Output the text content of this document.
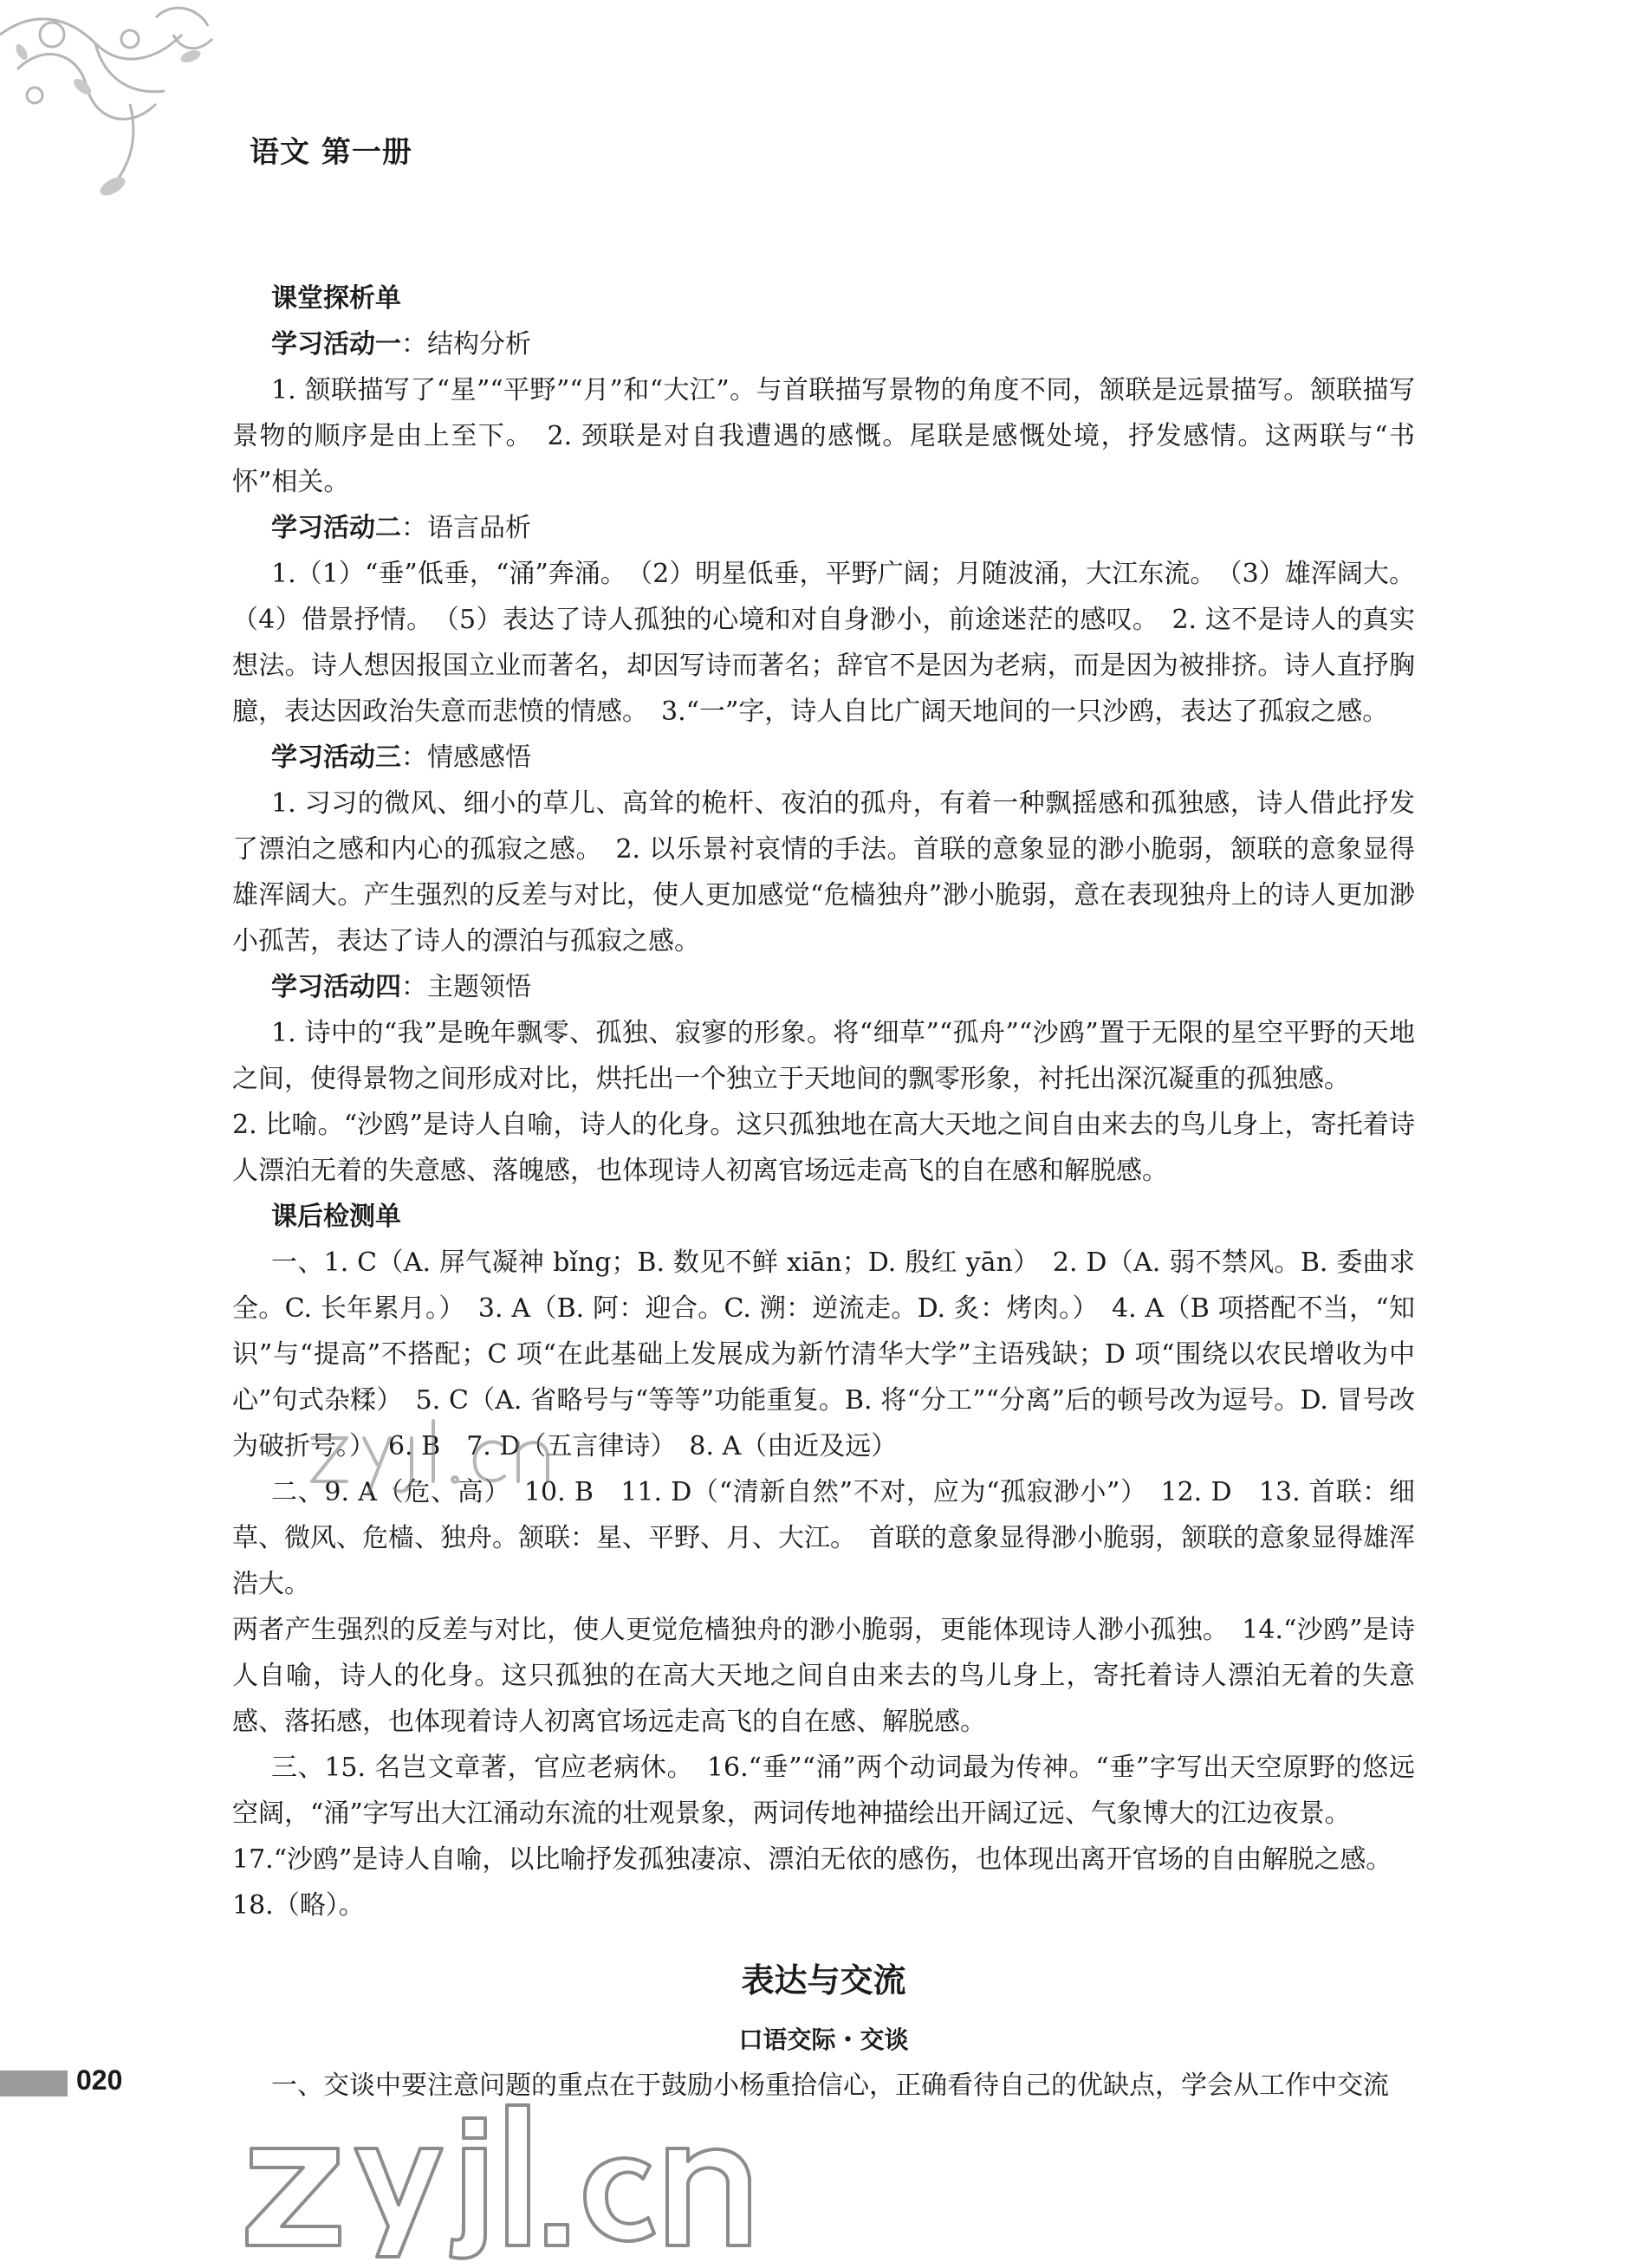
语文 第一册

课堂探析单

学习活动一：结构分析

1. 颔联描写了“星”“平野”“月”和“大江”。与首联描写景物的角度不同，颔联是远景描写。颔联描写景物的顺序是由上至下。　2. 颈联是对自我遭遇的感慨。尾联是感慨处境，抒发感情。这两联与“书怀”相关。

学习活动二：语言品析

1.（1）“垂”低垂，“涌”奔涌。　（2）明星低垂，平野广阔；月随波涌，大江东流。　（3）雄浑阔大。（4）借景抒情。　（5）表达了诗人孤独的心境和对自身渺小，前途迷茫的感叹。　2. 这不是诗人的真实想法。诗人想因报国立业而著名，却因写诗而著名；辞官不是因为老病，而是因为被排挤。诗人直抒胸臆，表达因政治失意而悲愤的情感。　3.“一”字，诗人自比广阔天地间的一只沙鸥，表达了孤寂之感。

学习活动三：情感感悟

1. 习习的微风、细小的草儿、高耸的桅杆、夜泊的孤舟，有着一种飘摇感和孤独感，诗人借此抒发了漂泊之感和内心的孤寂之感。　2. 以乐景衬哀情的手法。首联的意象显的渺小脆弱，颔联的意象显得雄浑阔大。产生强烈的反差与对比，使人更加感觉“危樯独舟”渺小脆弱，意在表现独舟上的诗人更加渺小孤苦，表达了诗人的漂泊与孤寂之感。

学习活动四：主题领悟

1. 诗中的“我”是晚年飘零、孤独、寂寥的形象。将“细草”“孤舟”“沙鸥”置于无限的星空平野的天地之间，使得景物之间形成对比，烘托出一个独立于天地间的飘零形象，衬托出深沉凝重的孤独感。

2. 比喻。“沙鸥”是诗人自喻，诗人的化身。这只孤独地在高大天地之间自由来去的鸟儿身上，寄托着诗人漂泊无着的失意感、落魄感，也体现诗人初离官场远走高飞的自在感和解脱感。

课后检测单

一、1. C（A. 屏气凝神 bǐng；B. 数见不鲜 xiān；D. 殷红 yān）　2. D（A. 弱不禁风。B. 委曲求全。C. 长年累月。）　3. A（B. 阿：迎合。C. 溯：逆流走。D. 炙：烤肉。）　4. A（B 项搭配不当，“知识”与“提高”不搭配；C 项“在此基础上发展成为新竹清华大学”主语残缺；D 项“围绕以农民增收为中心”句式杂糅）　5. C（A. 省略号与“等等”功能重复。B. 将“分工”“分离”后的顿号改为逗号。D. 冒号改为破折号。）　6. B　7. D（五言律诗）　8. A（由近及远）

二、9. A（危、高）　10. B　11. D（“清新自然”不对，应为“孤寂渺小”）　12. D　13. 首联：细草、微风、危樯、独舟。颔联：星、平野、月、大江。　首联的意象显得渺小脆弱，颔联的意象显得雄浑浩大。

两者产生强烈的反差与对比，使人更觉危樯独舟的渺小脆弱，更能体现诗人渺小孤独。　14.“沙鸥”是诗人自喻，诗人的化身。这只孤独的在高大天地之间自由来去的鸟儿身上，寄托着诗人漂泊无着的失意感、落拓感，也体现着诗人初离官场远走高飞的自在感、解脱感。

三、15. 名岂文章著，官应老病休。　16.“垂”“涌”两个动词最为传神。“垂”字写出天空原野的悠远空阔，“涌”字写出大江涌动东流的壮观景象，两词传地神描绘出开阔辽远、气象博大的江边夜景。

17.“沙鸥”是诗人自喻，以比喻抒发孤独凄凉、漂泊无依的感伤，也体现出离开官场的自由解脱之感。

18.（略）。

表达与交流

口语交际・交谈

一、交谈中要注意问题的重点在于鼓励小杨重拾信心，正确看待自己的优缺点，学会从工作中交流

020
